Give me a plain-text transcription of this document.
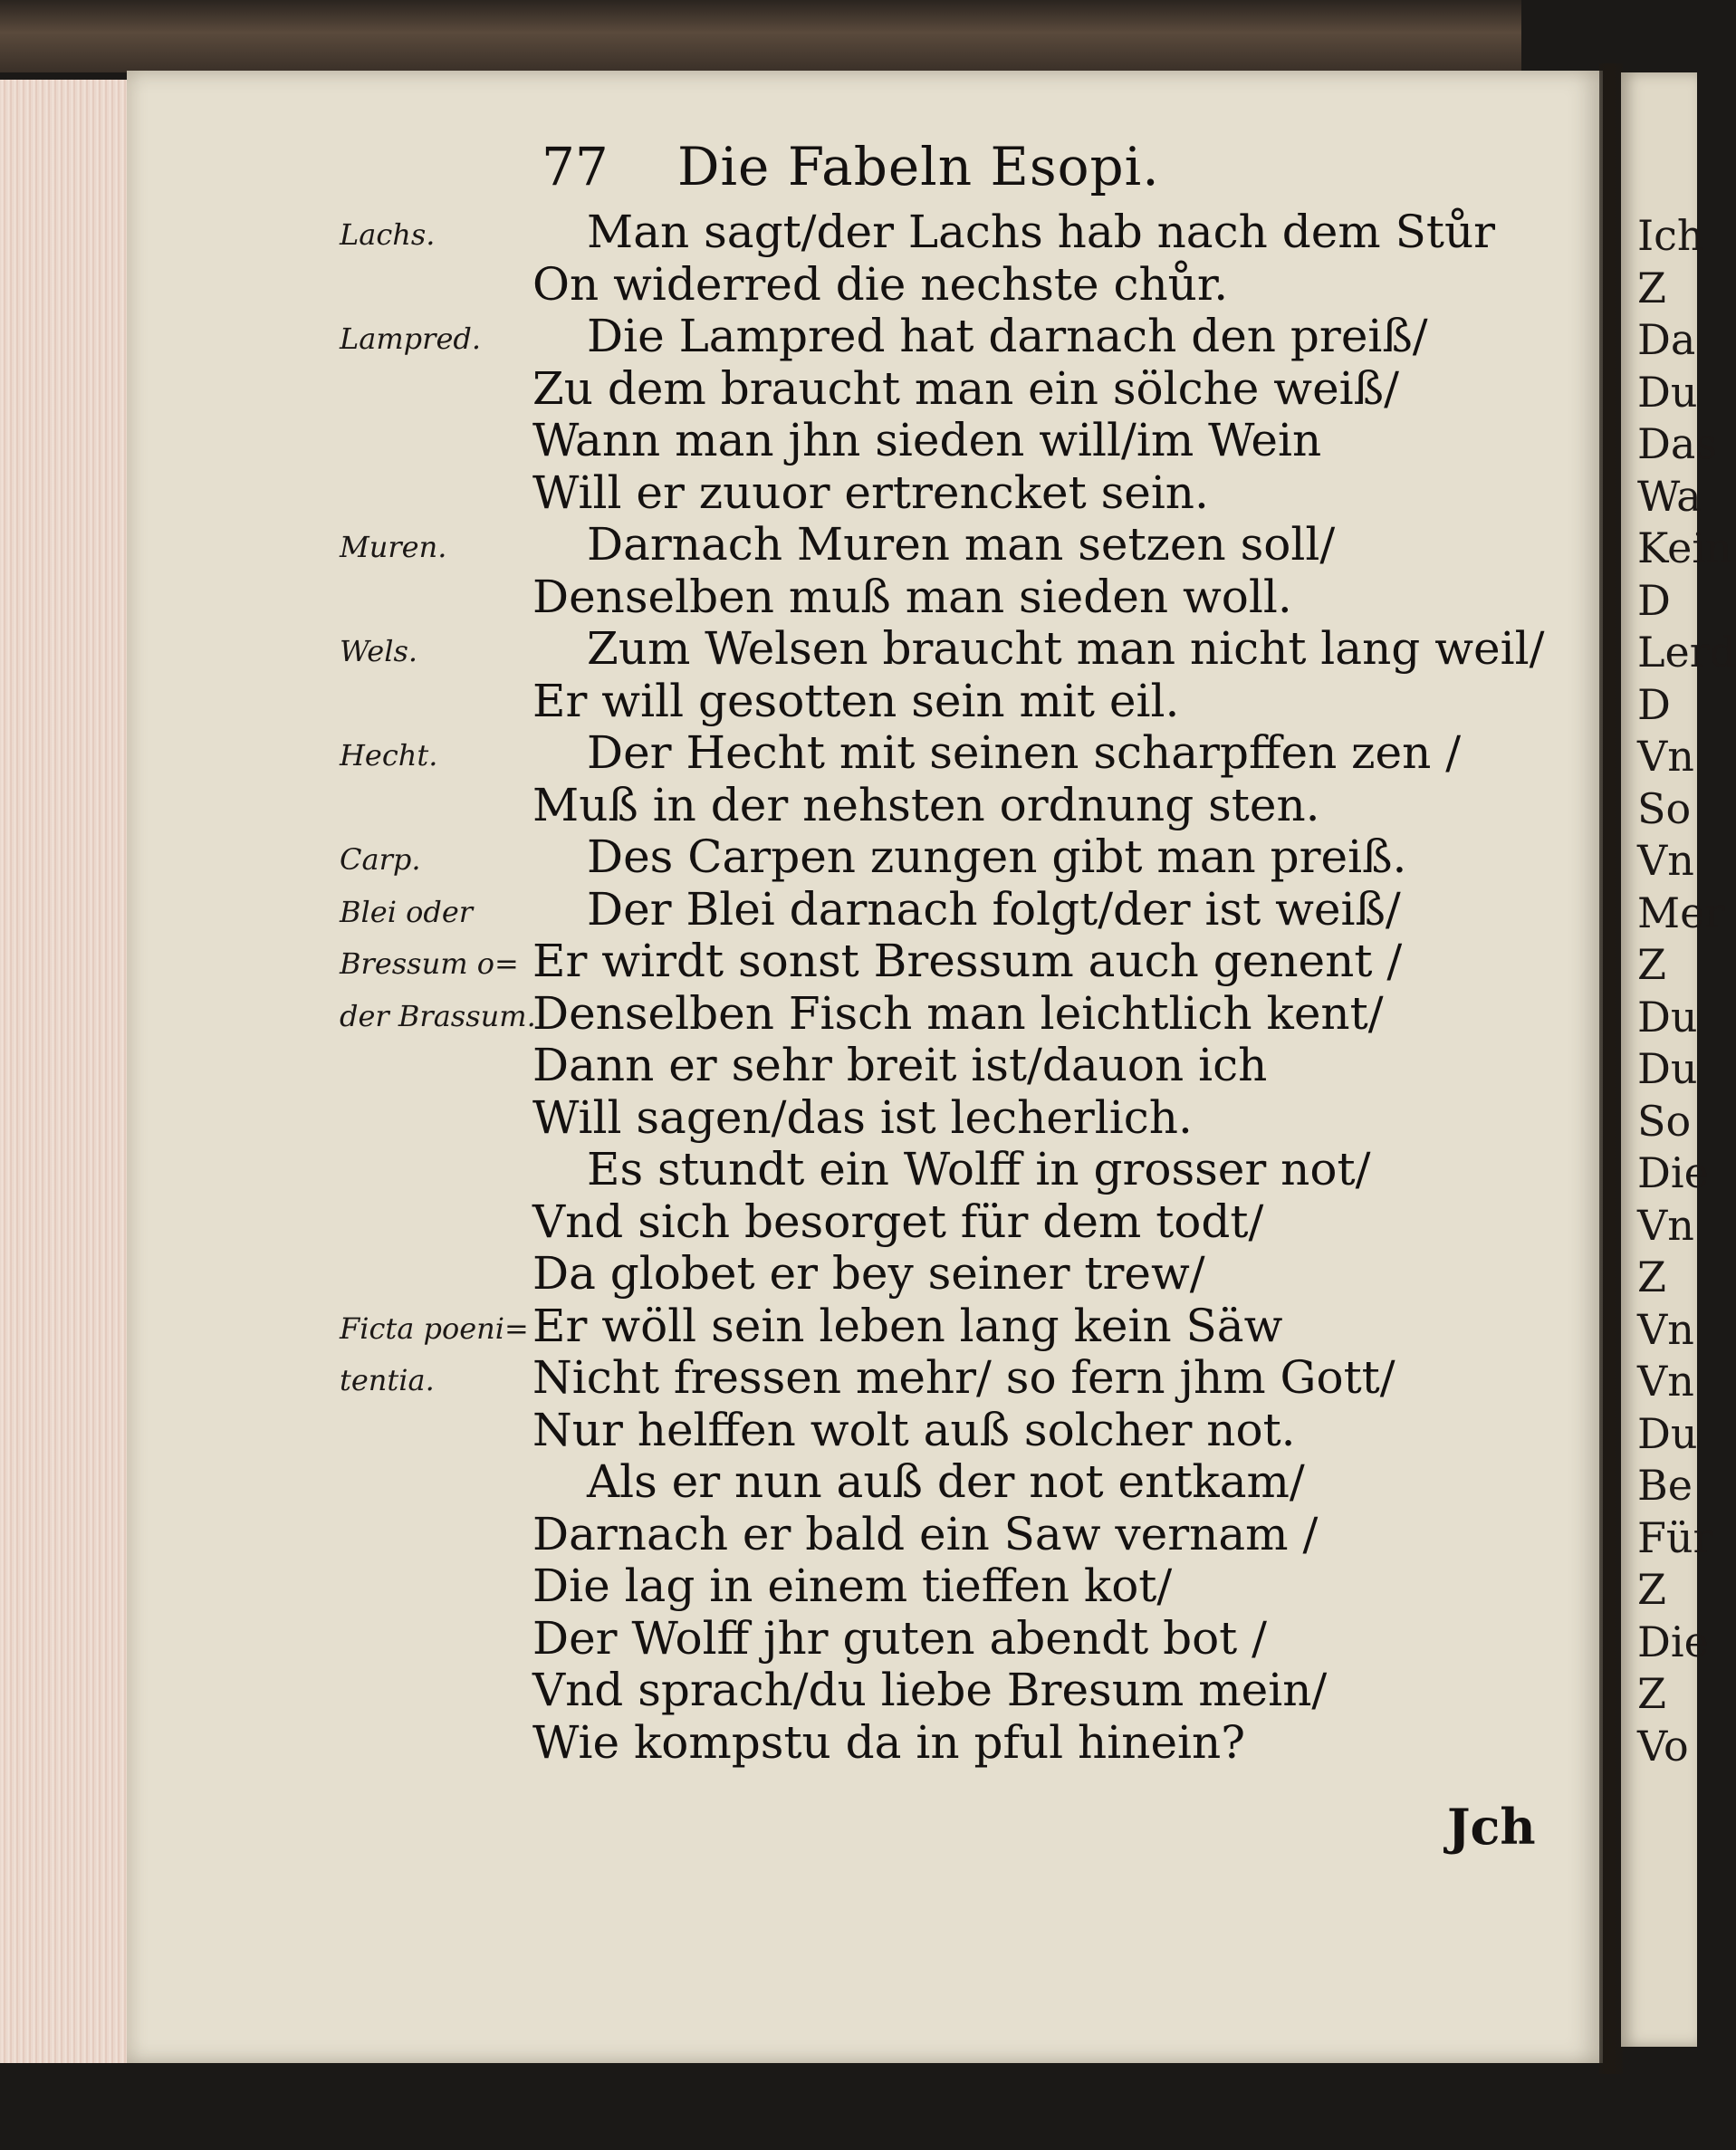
77 Die Fabeln Esopi.
Man sagt/der Lachs hab nach dem Stůr
On widerred die nechste chůr.
Die Lampred hat darnach den preiß/
Zu dem braucht man ein sölche weiß/
Wann man jhn sieden will/im Wein
Will er zuuor ertrencket sein.
Darnach Muren man setzen soll/
Denselben muß man sieden woll.
Zum Welsen braucht man nicht lang weil/
Er will gesotten sein mit eil.
Der Hecht mit seinen scharpffen zen /
Muß in der nehsten ordnung sten.
Des Carpen zungen gibt man preiß.
Der Blei darnach folgt/der ist weiß/
Er wirdt sonst Bressum auch genent /
Denselben Fisch man leichtlich kent/
Dann er sehr breit ist/dauon ich
Will sagen/das ist lecherlich.
Es stundt ein Wolff in grosser not/
Vnd sich besorget für dem todt/
Da globet er bey seiner trew/
Er wöll sein leben lang kein Säw
Nicht fressen mehr/ so fern jhm Gott/
Nur helffen wolt auß solcher not.
Als er nun auß der not entkam/
Darnach er bald ein Saw vernam /
Die lag in einem tieffen kot/
Der Wolff jhr guten abendt bot /
Vnd sprach/du liebe Bresum mein/
Wie kompstu da in pful hinein?
Lachs.
Lampred.
Muren.
Wels.
Hecht.
Carp.
Blei oder
Bressum o=
der Brassum.
Ficta poeni=
tentia.
Jch
Ich
Z
Da
Du
Das
Wa
Kein
D
Lerd
D
Vn
So
Vn
Mer
Z
Du
Du
So
Die
Vn
Z
Vn
Vn
Du
Be
Für
Z
Die
Z
Vo
